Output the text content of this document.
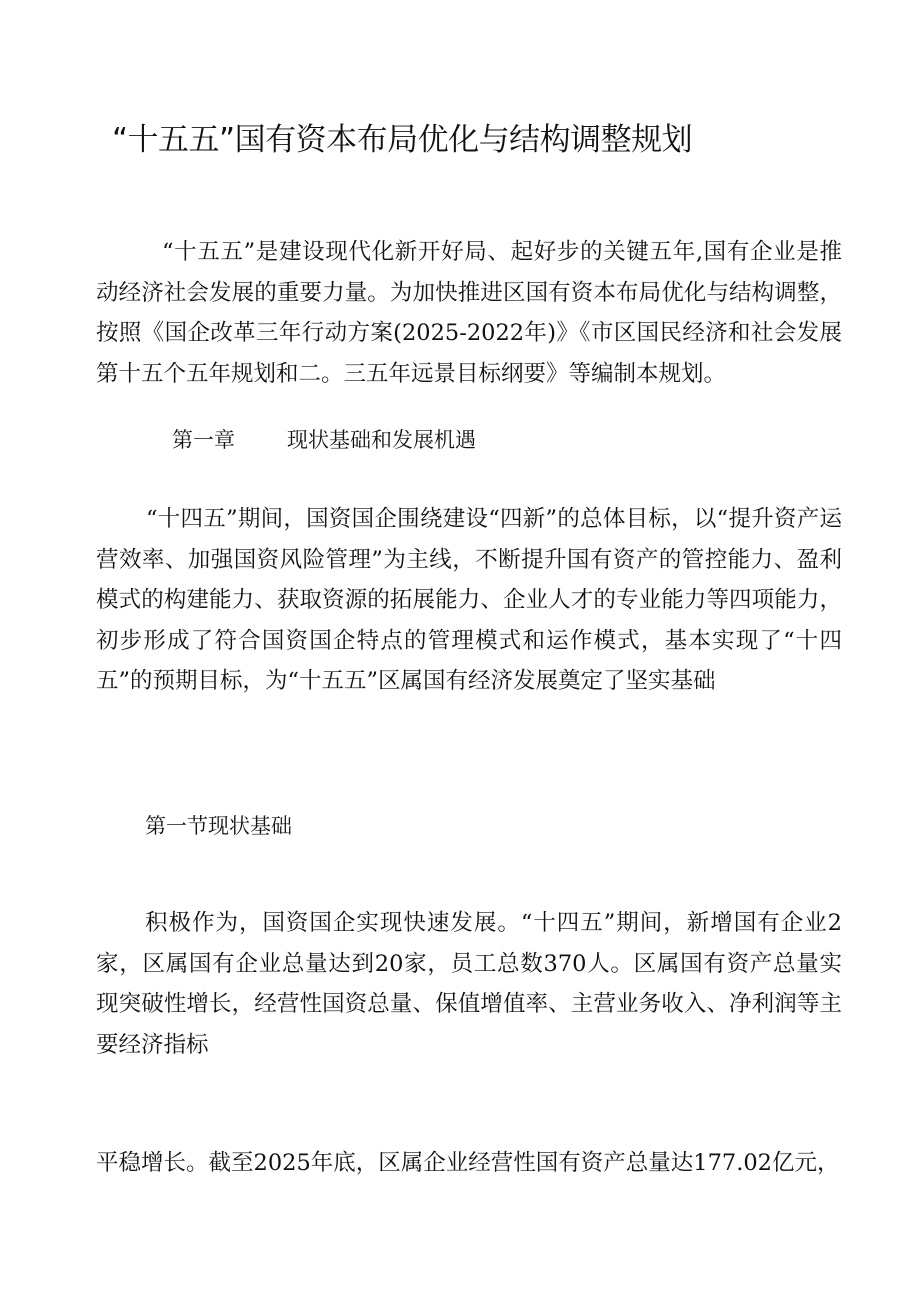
“十五五”国有资本布局优化与结构调整规划
“十五五”是建设现代化新开好局、起好步的关键五年,国有企业是推动经济社会发展的重要力量。为加快推进区国有资本布局优化与结构调整，按照《国企改革三年行动方案(2025-2022年)》《市区国民经济和社会发展第十五个五年规划和二。三五年远景目标纲要》等编制本规划。
第一章 现状基础和发展机遇
“十四五”期间，国资国企围绕建设“四新”的总体目标，以“提升资产运营效率、加强国资风险管理”为主线，不断提升国有资产的管控能力、盈利模式的构建能力、获取资源的拓展能力、企业人才的专业能力等四项能力，初步形成了符合国资国企特点的管理模式和运作模式，基本实现了“十四五”的预期目标，为“十五五”区属国有经济发展奠定了坚实基础
第一节现状基础
积极作为，国资国企实现快速发展。“十四五”期间，新增国有企业2家，区属国有企业总量达到20家，员工总数370人。区属国有资产总量实现突破性增长，经营性国资总量、保值增值率、主营业务收入、净利润等主要经济指标
平稳增长。截至2025年底，区属企业经营性国有资产总量达177.02亿元，
